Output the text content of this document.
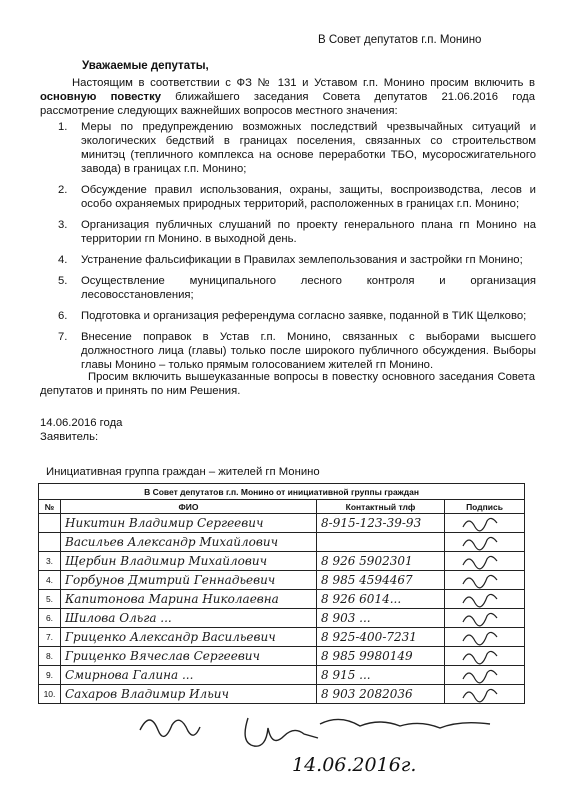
В Совет депутатов г.п. Монино
Уважаемые депутаты,
Настоящим в соответствии с ФЗ № 131 и Уставом г.п. Монино просим включить в основную повестку ближайшего заседания Совета депутатов 21.06.2016 года рассмотрение следующих важнейших вопросов местного значения:
1. Меры по предупреждению возможных последствий чрезвычайных ситуаций и экологических бедствий в границах поселения, связанных со строительством минитэц (тепличного комплекса на основе переработки ТБО, мусоросжигательного завода) в границах г.п. Монино;
2. Обсуждение правил использования, охраны, защиты, воспроизводства, лесов и особо охраняемых природных территорий, расположенных в границах г.п. Монино;
3. Организация публичных слушаний по проекту генерального плана гп Монино на территории гп Монино. в выходной день.
4. Устранение фальсификации в Правилах землепользования и застройки гп Монино;
5. Осуществление муниципального лесного контроля и организация лесовосстановления;
6. Подготовка и организация референдума согласно заявке, поданной в ТИК Щелково;
7. Внесение поправок в Устав г.п. Монино, связанных с выборами высшего должностного лица (главы) только после широкого публичного обсуждения. Выборы главы Монино – только прямым голосованием жителей гп Монино.
Просим включить вышеуказанные вопросы в повестку основного заседания Совета депутатов и принять по ним Решения.
14.06.2016 года
Заявитель:
Инициативная группа граждан – жителей гп Монино
В Совет депутатов г.п. Монино от инициативной группы граждан			
№	ФИО	Контактный тлф	Подпись

	Никитин Владимир Сергеевич	8-915-123-39-93

	Васильев Александр Михайлович

3.	Щербин Владимир Михайлович	8 926 5902301

4.	Горбунов Дмитрий Геннадьевич	8 985 4594467

5.	Капитонова Марина Николаевна	8 926 6014...

6.	Шилова Ольга ...	8 903 ...

7.	Гриценко Александр Васильевич	8 925-400-7231

8.	Гриценко Вячеслав Сергеевич	8 985 9980149

9.	Смирнова Галина ...	8 915 ...

10.	Сахаров Владимир Ильич	8 903 2082036

14.06.2016г.
